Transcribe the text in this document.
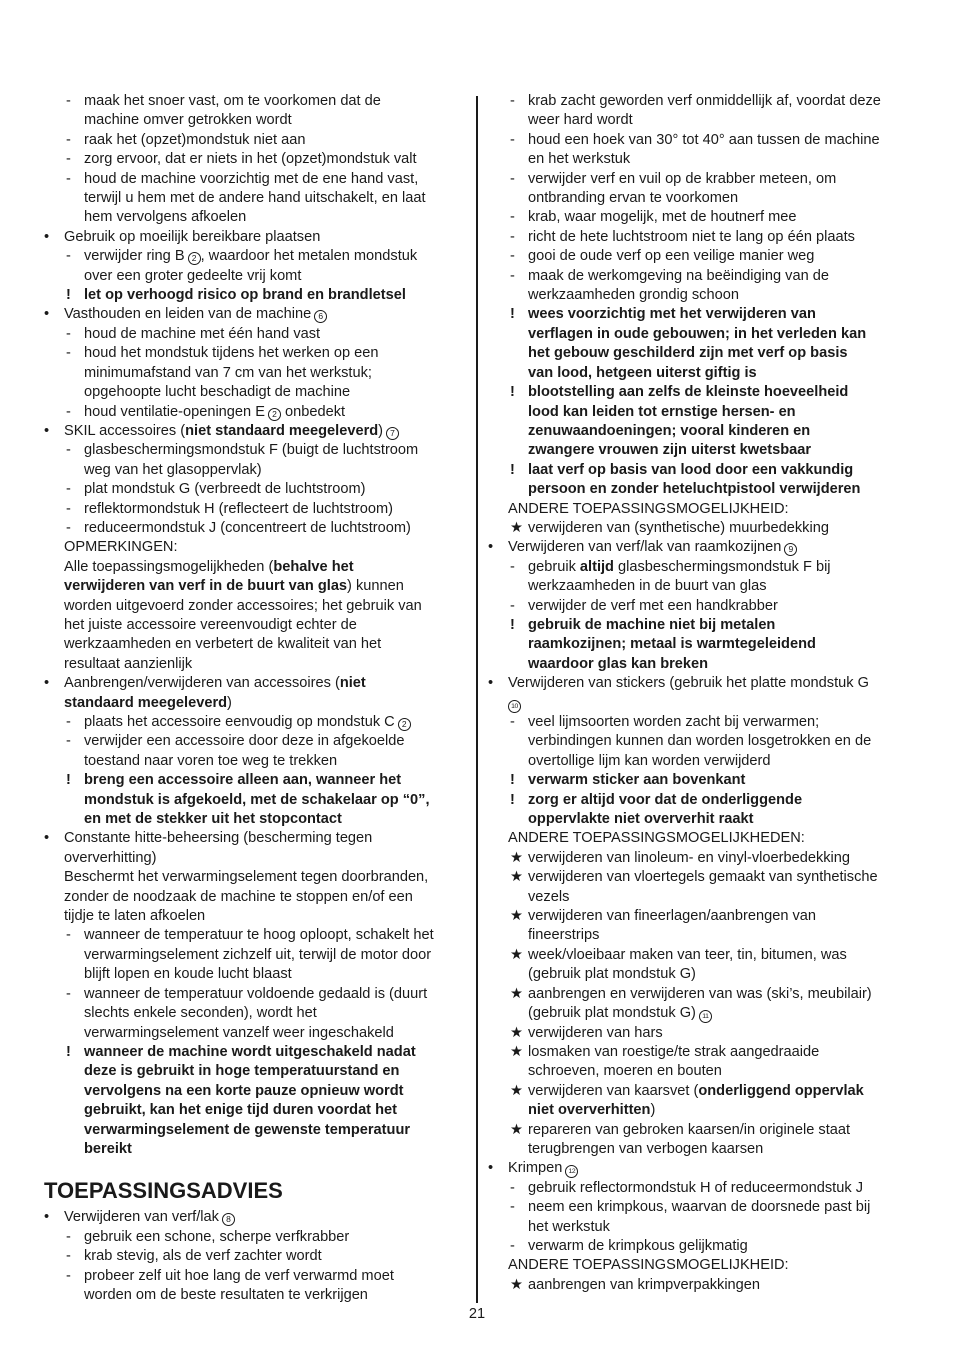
- maak het snoer vast, om te voorkomen dat de
machine omver getrokken wordt
- raak het (opzet)mondstuk niet aan
- zorg ervoor, dat er niets in het (opzet)mondstuk valt
- houd de machine voorzichtig met de ene hand vast,
terwijl u hem met de andere hand uitschakelt, en laat
hem vervolgens afkoelen
•	Gebruik op moeilijk bereikbare plaatsen
- verwijder ring B 2 , waardoor het metalen mondstuk
over een groter gedeelte vrij komt
! let op verhoogd risico op brand en brandletsel
•	Vasthouden en leiden van de machine 6
- houd de machine met één hand vast
- houd het mondstuk tijdens het werken op een
minimumafstand van 7 cm van het werkstuk;
opgehoopte lucht beschadigt de machine
- houd ventilatie-openingen E 2 onbedekt
•	SKIL accessoires (niet standaard meegeleverd) 7
- glasbeschermingsmondstuk F (buigt de luchtstroom
weg van het glasoppervlak)
- plat mondstuk G (verbreedt de luchtstroom)
- reflektormondstuk H (reflecteert de luchtstroom)
- reduceermondstuk J (concentreert de luchtstroom)
OPMERKINGEN:
Alle toepassingsmogelijkheden (behalve het
verwijderen van verf in de buurt van glas) kunnen
worden uitgevoerd zonder accessoires; het gebruik van
het juiste accessoire vereenvoudigt echter de
werkzaamheden en verbetert de kwaliteit van het
resultaat aanzienlijk
•	Aanbrengen/verwijderen van accessoires (niet
standaard meegeleverd)
- plaats het accessoire eenvoudig op mondstuk C 2
- verwijder een accessoire door deze in afgekoelde
toestand naar voren toe weg te trekken
! breng een accessoire alleen aan, wanneer het
mondstuk is afgekoeld, met de schakelaar op “0”,
en met de stekker uit het stopcontact
•	Constante hitte-beheersing (bescherming tegen
oververhitting)
Beschermt het verwarmingselement tegen doorbranden,
zonder de noodzaak de machine te stoppen en/of een
tijdje te laten afkoelen
- wanneer de temperatuur te hoog oploopt, schakelt het
verwarmingselement zichzelf uit, terwijl de motor door
blijft lopen en koude lucht blaast
- wanneer de temperatuur voldoende gedaald is (duurt
slechts enkele seconden), wordt het
verwarmingselement vanzelf weer ingeschakeld
! wanneer de machine wordt uitgeschakeld nadat
deze is gebruikt in hoge temperatuurstand en
vervolgens na een korte pauze opnieuw wordt
gebruikt, kan het enige tijd duren voordat het
verwarmingselement de gewenste temperatuur
bereikt
TOEPASSINGSADVIES
•	Verwijderen van verf/lak 8
- gebruik een schone, scherpe verfkrabber
- krab stevig, als de verf zachter wordt
- probeer zelf uit hoe lang de verf verwarmd moet
worden om de beste resultaten te verkrijgen
- krab zacht geworden verf onmiddellijk af, voordat deze
weer hard wordt
- houd een hoek van 30° tot 40° aan tussen de machine
en het werkstuk
- verwijder verf en vuil op de krabber meteen, om
ontbranding ervan te voorkomen
- krab, waar mogelijk, met de houtnerf mee
- richt de hete luchtstroom niet te lang op één plaats
- gooi de oude verf op een veilige manier weg
- maak de werkomgeving na beëindiging van de
werkzaamheden grondig schoon
! wees voorzichtig met het verwijderen van
verflagen in oude gebouwen; in het verleden kan
het gebouw geschilderd zijn met verf op basis
van lood, hetgeen uiterst giftig is
! blootstelling aan zelfs de kleinste hoeveelheid
lood kan leiden tot ernstige hersen- en
zenuwaandoeningen; vooral kinderen en
zwangere vrouwen zijn uiterst kwetsbaar
! laat verf op basis van lood door een vakkundig
persoon en zonder heteluchtpistool verwijderen
ANDERE TOEPASSINGSMOGELIJKHEID:
★ verwijderen van (synthetische) muurbedekking
•	Verwijderen van verf/lak van raamkozijnen 9
- gebruik altijd glasbeschermingsmondstuk F bij
werkzaamheden in de buurt van glas
- verwijder de verf met een handkrabber
! gebruik de machine niet bij metalen
raamkozijnen; metaal is warmtegeleidend
waardoor glas kan breken
•	Verwijderen van stickers (gebruik het platte mondstuk G
10
- veel lijmsoorten worden zacht bij verwarmen;
verbindingen kunnen dan worden losgetrokken en de
overtollige lijm kan worden verwijderd
! verwarm sticker aan bovenkant
! zorg er altijd voor dat de onderliggende
oppervlakte niet oververhit raakt
ANDERE TOEPASSINGSMOGELIJKHEDEN:
★ verwijderen van linoleum- en vinyl-vloerbedekking
★ verwijderen van vloertegels gemaakt van synthetische
vezels
★ verwijderen van fineerlagen/aanbrengen van
fineerstrips
★ week/vloeibaar maken van teer, tin, bitumen, was
(gebruik plat mondstuk G)
★ aanbrengen en verwijderen van was (ski’s, meubilair)
(gebruik plat mondstuk G) 11
★ verwijderen van hars
★ losmaken van roestige/te strak aangedraaide
schroeven, moeren en bouten
★ verwijderen van kaarsvet (onderliggend oppervlak
niet oververhitten)
★ repareren van gebroken kaarsen/in originele staat
terugbrengen van verbogen kaarsen
•	Krimpen 12
- gebruik reflectormondstuk H of reduceermondstuk J
- neem een krimpkous, waarvan de doorsnede past bij
het werkstuk
- verwarm de krimpkous gelijkmatig
ANDERE TOEPASSINGSMOGELIJKHEID:
★ aanbrengen van krimpverpakkingen
21
